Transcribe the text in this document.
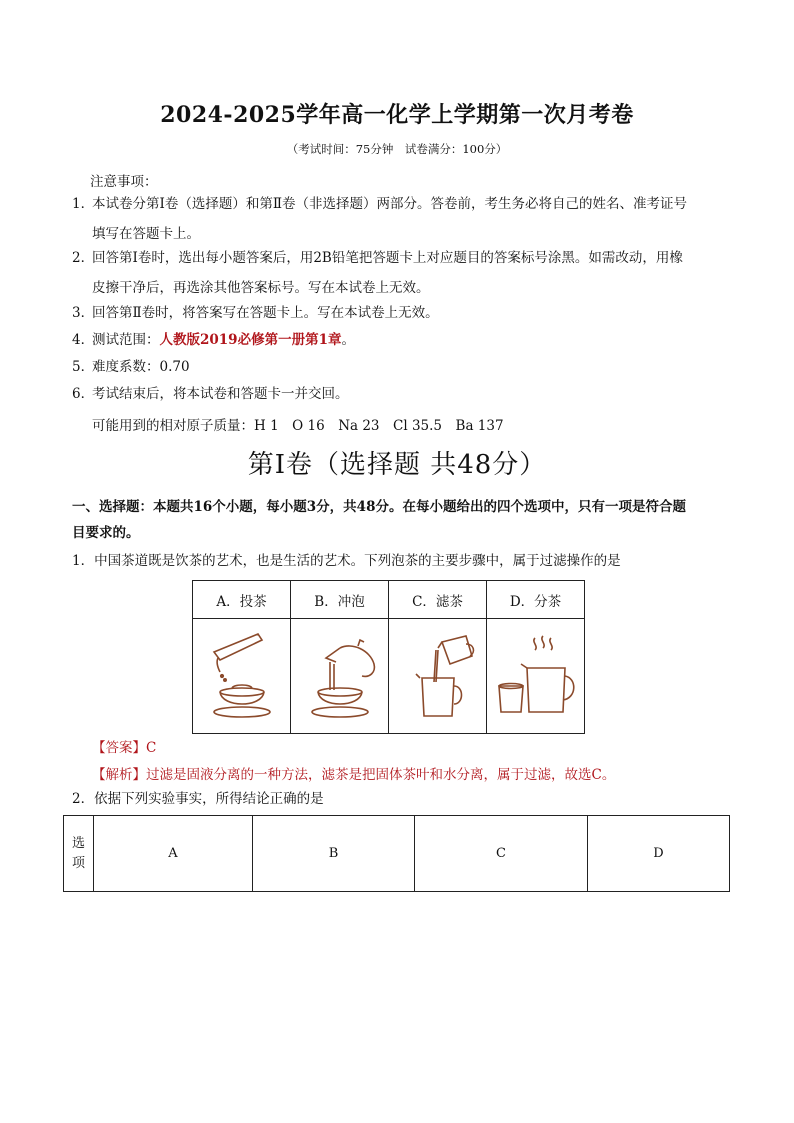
2024-2025学年高一化学上学期第一次月考卷
（考试时间：75分钟　试卷满分：100分）
注意事项：
1．本试卷分第Ⅰ卷（选择题）和第Ⅱ卷（非选择题）两部分。答卷前，考生务必将自己的姓名、准考证号
填写在答题卡上。
2．回答第Ⅰ卷时，选出每小题答案后，用2B铅笔把答题卡上对应题目的答案标号涂黑。如需改动，用橡
皮擦干净后，再选涂其他答案标号。写在本试卷上无效。
3．回答第Ⅱ卷时，将答案写在答题卡上。写在本试卷上无效。
4．测试范围：人教版2019必修第一册第1章。
5．难度系数：0.70
6．考试结束后，将本试卷和答题卡一并交回。
可能用到的相对原子质量：H 1　O 16　Na 23　Cl 35.5　Ba 137
第Ⅰ卷（选择题 共48分）
一、选择题：本题共16个小题，每小题3分，共48分。在每小题给出的四个选项中，只有一项是符合题
目要求的。
1．中国茶道既是饮茶的艺术，也是生活的艺术。下列泡茶的主要步骤中，属于过滤操作的是
A．投茶	B．冲泡	C．滤茶	D．分茶

【答案】C
【解析】过滤是固液分离的一种方法，滤茶是把固体茶叶和水分离，属于过滤，故选C。
2．依据下列实验事实，所得结论正确的是
选项	A	B	C	D
